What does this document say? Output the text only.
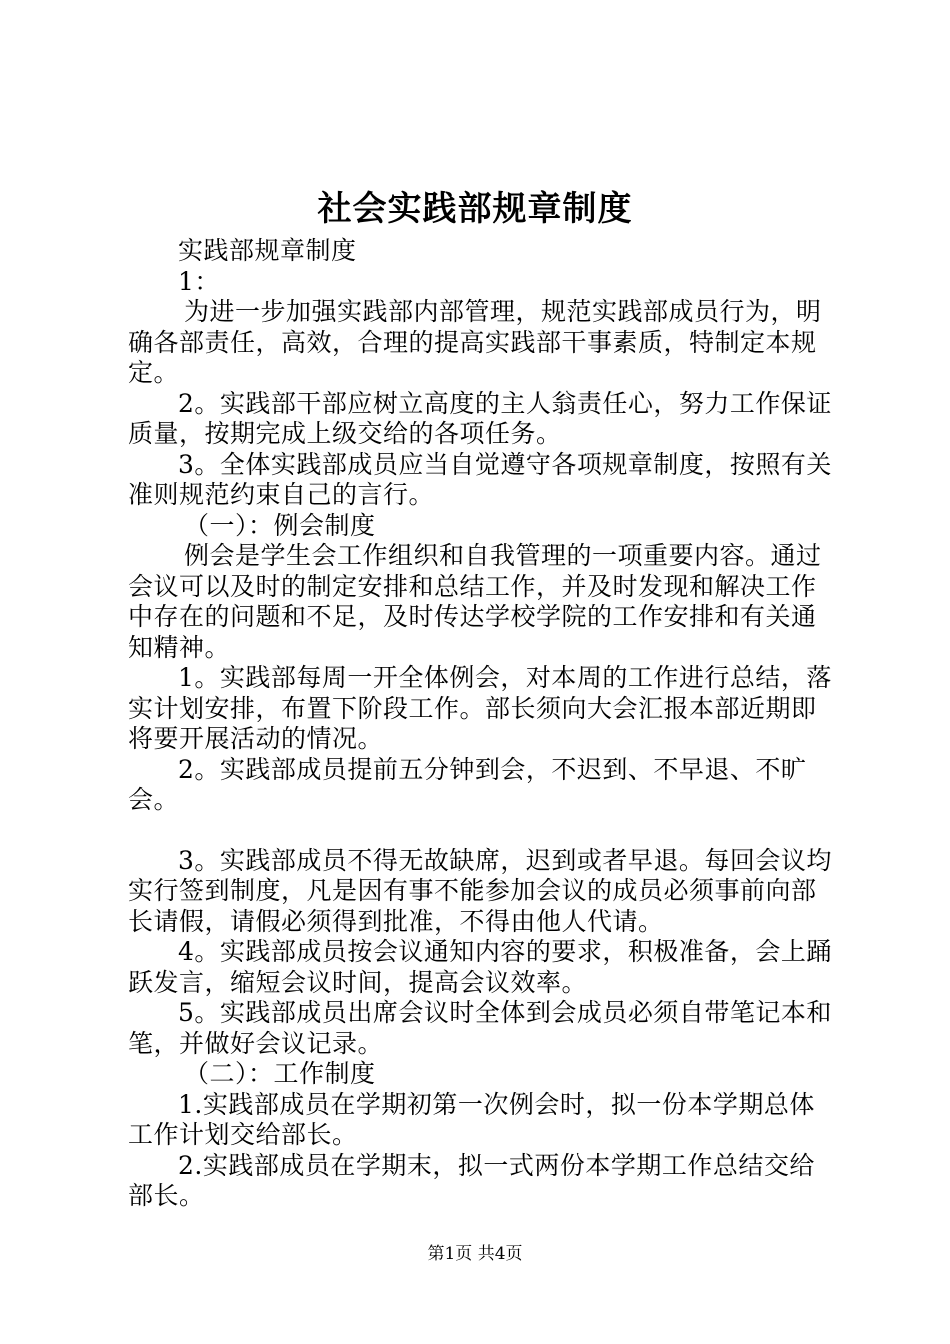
社会实践部规章制度

实践部规章制度

1：

为进一步加强实践部内部管理，规范实践部成员行为，明确各部责任，高效，合理的提高实践部干事素质，特制定本规定。

2。实践部干部应树立高度的主人翁责任心，努力工作保证质量，按期完成上级交给的各项任务。

3。全体实践部成员应当自觉遵守各项规章制度，按照有关准则规范约束自己的言行。

（一）：例会制度

例会是学生会工作组织和自我管理的一项重要内容。通过会议可以及时的制定安排和总结工作，并及时发现和解决工作中存在的问题和不足，及时传达学校学院的工作安排和有关通知精神。

1。实践部每周一开全体例会，对本周的工作进行总结，落实计划安排，布置下阶段工作。部长须向大会汇报本部近期即将要开展活动的情况。

2。实践部成员提前五分钟到会，不迟到、不早退、不旷会。

3。实践部成员不得无故缺席，迟到或者早退。每回会议均实行签到制度，凡是因有事不能参加会议的成员必须事前向部长请假，请假必须得到批准，不得由他人代请。

4。实践部成员按会议通知内容的要求，积极准备，会上踊跃发言，缩短会议时间，提高会议效率。

5。实践部成员出席会议时全体到会成员必须自带笔记本和笔，并做好会议记录。

（二）：工作制度

1.实践部成员在学期初第一次例会时，拟一份本学期总体工作计划交给部长。

2.实践部成员在学期末，拟一式两份本学期工作总结交给部长。

第1页 共4页
